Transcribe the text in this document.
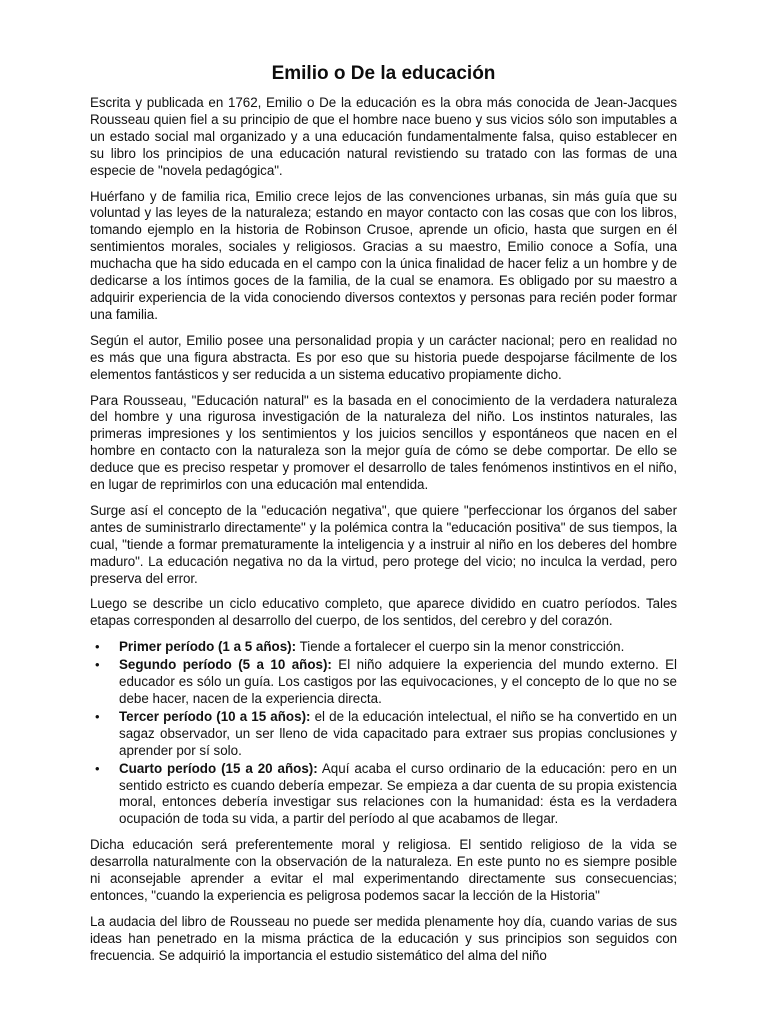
Emilio o De la educación

Escrita y publicada en 1762, Emilio o De la educación es la obra más conocida de Jean-Jacques Rousseau quien fiel a su principio de que el hombre nace bueno y sus vicios sólo son imputables a un estado social mal organizado y a una educación fundamentalmente falsa, quiso establecer en su libro los principios de una educación natural revistiendo su tratado con las formas de una especie de "novela pedagógica".

Huérfano y de familia rica, Emilio crece lejos de las convenciones urbanas, sin más guía que su voluntad y las leyes de la naturaleza; estando en mayor contacto con las cosas que con los libros, tomando ejemplo en la historia de Robinson Crusoe, aprende un oficio, hasta que surgen en él sentimientos morales, sociales y religiosos. Gracias a su maestro, Emilio conoce a Sofía, una muchacha que ha sido educada en el campo con la única finalidad de hacer feliz a un hombre y de dedicarse a los íntimos goces de la familia, de la cual se enamora. Es obligado por su maestro a adquirir experiencia de la vida conociendo diversos contextos y personas para recién poder formar una familia.

Según el autor, Emilio posee una personalidad propia y un carácter nacional; pero en realidad no es más que una figura abstracta. Es por eso que su historia puede despojarse fácilmente de los elementos fantásticos y ser reducida a un sistema educativo propiamente dicho.

Para Rousseau, "Educación natural" es la basada en el conocimiento de la verdadera naturaleza del hombre y una rigurosa investigación de la naturaleza del niño. Los instintos naturales, las primeras impresiones y los sentimientos y los juicios sencillos y espontáneos que nacen en el hombre en contacto con la naturaleza son la mejor guía de cómo se debe comportar. De ello se deduce que es preciso respetar y promover el desarrollo de tales fenómenos instintivos en el niño, en lugar de reprimirlos con una educación mal entendida.

Surge así el concepto de la "educación negativa", que quiere "perfeccionar los órganos del saber antes de suministrarlo directamente" y la polémica contra la "educación positiva" de sus tiempos, la cual, "tiende a formar prematuramente la inteligencia y a instruir al niño en los deberes del hombre maduro". La educación negativa no da la virtud, pero protege del vicio; no inculca la verdad, pero preserva del error.

Luego se describe un ciclo educativo completo, que aparece dividido en cuatro períodos. Tales etapas corresponden al desarrollo del cuerpo, de los sentidos, del cerebro y del corazón.

• Primer período (1 a 5 años): Tiende a fortalecer el cuerpo sin la menor constricción.
• Segundo período (5 a 10 años): El niño adquiere la experiencia del mundo externo. El educador es sólo un guía. Los castigos por las equivocaciones, y el concepto de lo que no se debe hacer, nacen de la experiencia directa.
• Tercer período (10 a 15 años): el de la educación intelectual, el niño se ha convertido en un sagaz observador, un ser lleno de vida capacitado para extraer sus propias conclusiones y aprender por sí solo.
• Cuarto período (15 a 20 años): Aquí acaba el curso ordinario de la educación: pero en un sentido estricto es cuando debería empezar. Se empieza a dar cuenta de su propia existencia moral, entonces debería investigar sus relaciones con la humanidad: ésta es la verdadera ocupación de toda su vida, a partir del período al que acabamos de llegar.

Dicha educación será preferentemente moral y religiosa. El sentido religioso de la vida se desarrolla naturalmente con la observación de la naturaleza. En este punto no es siempre posible ni aconsejable aprender a evitar el mal experimentando directamente sus consecuencias; entonces, "cuando la experiencia es peligrosa podemos sacar la lección de la Historia"

La audacia del libro de Rousseau no puede ser medida plenamente hoy día, cuando varias de sus ideas han penetrado en la misma práctica de la educación y sus principios son seguidos con frecuencia. Se adquirió la importancia el estudio sistemático del alma del niño
